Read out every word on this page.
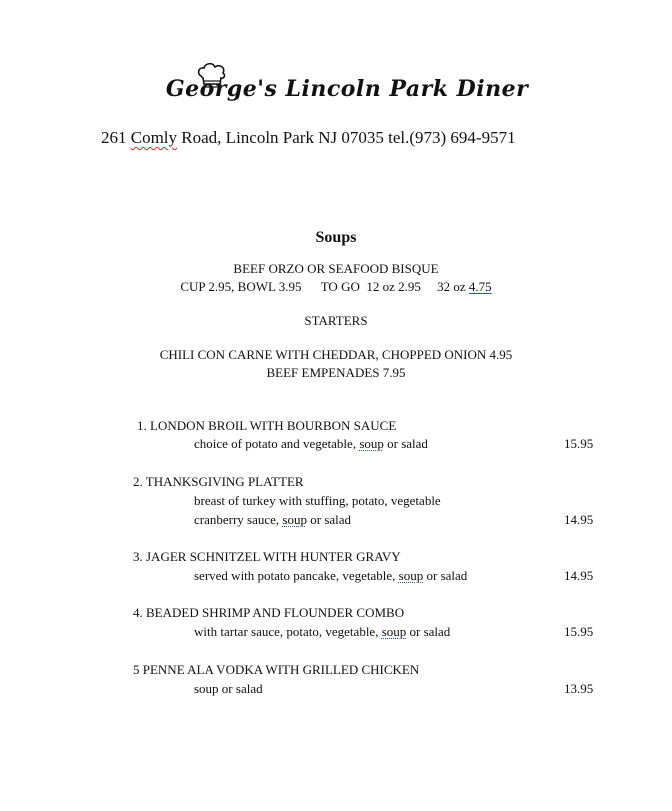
George's Lincoln Park Diner
261 Comly Road, Lincoln Park NJ 07035 tel.(973) 694-9571
Soups
BEEF ORZO OR SEAFOOD BISQUE
CUP 2.95, BOWL 3.95      TO GO  12 oz 2.95     32 oz 4.75
STARTERS
CHILI CON CARNE WITH CHEDDAR, CHOPPED ONION 4.95
BEEF EMPENADES 7.95
1. LONDON BROIL WITH BOURBON SAUCE
choice of potato and vegetable, soup or salad	15.95
2. THANKSGIVING PLATTER
breast of turkey with stuffing, potato, vegetable
cranberry sauce, soup or salad	14.95
3. JAGER SCHNITZEL WITH HUNTER GRAVY
served with potato pancake, vegetable, soup or salad	14.95
4. BEADED SHRIMP AND FLOUNDER COMBO
with tartar sauce, potato, vegetable, soup or salad	15.95
5 PENNE ALA VODKA WITH GRILLED CHICKEN
soup or salad	13.95
